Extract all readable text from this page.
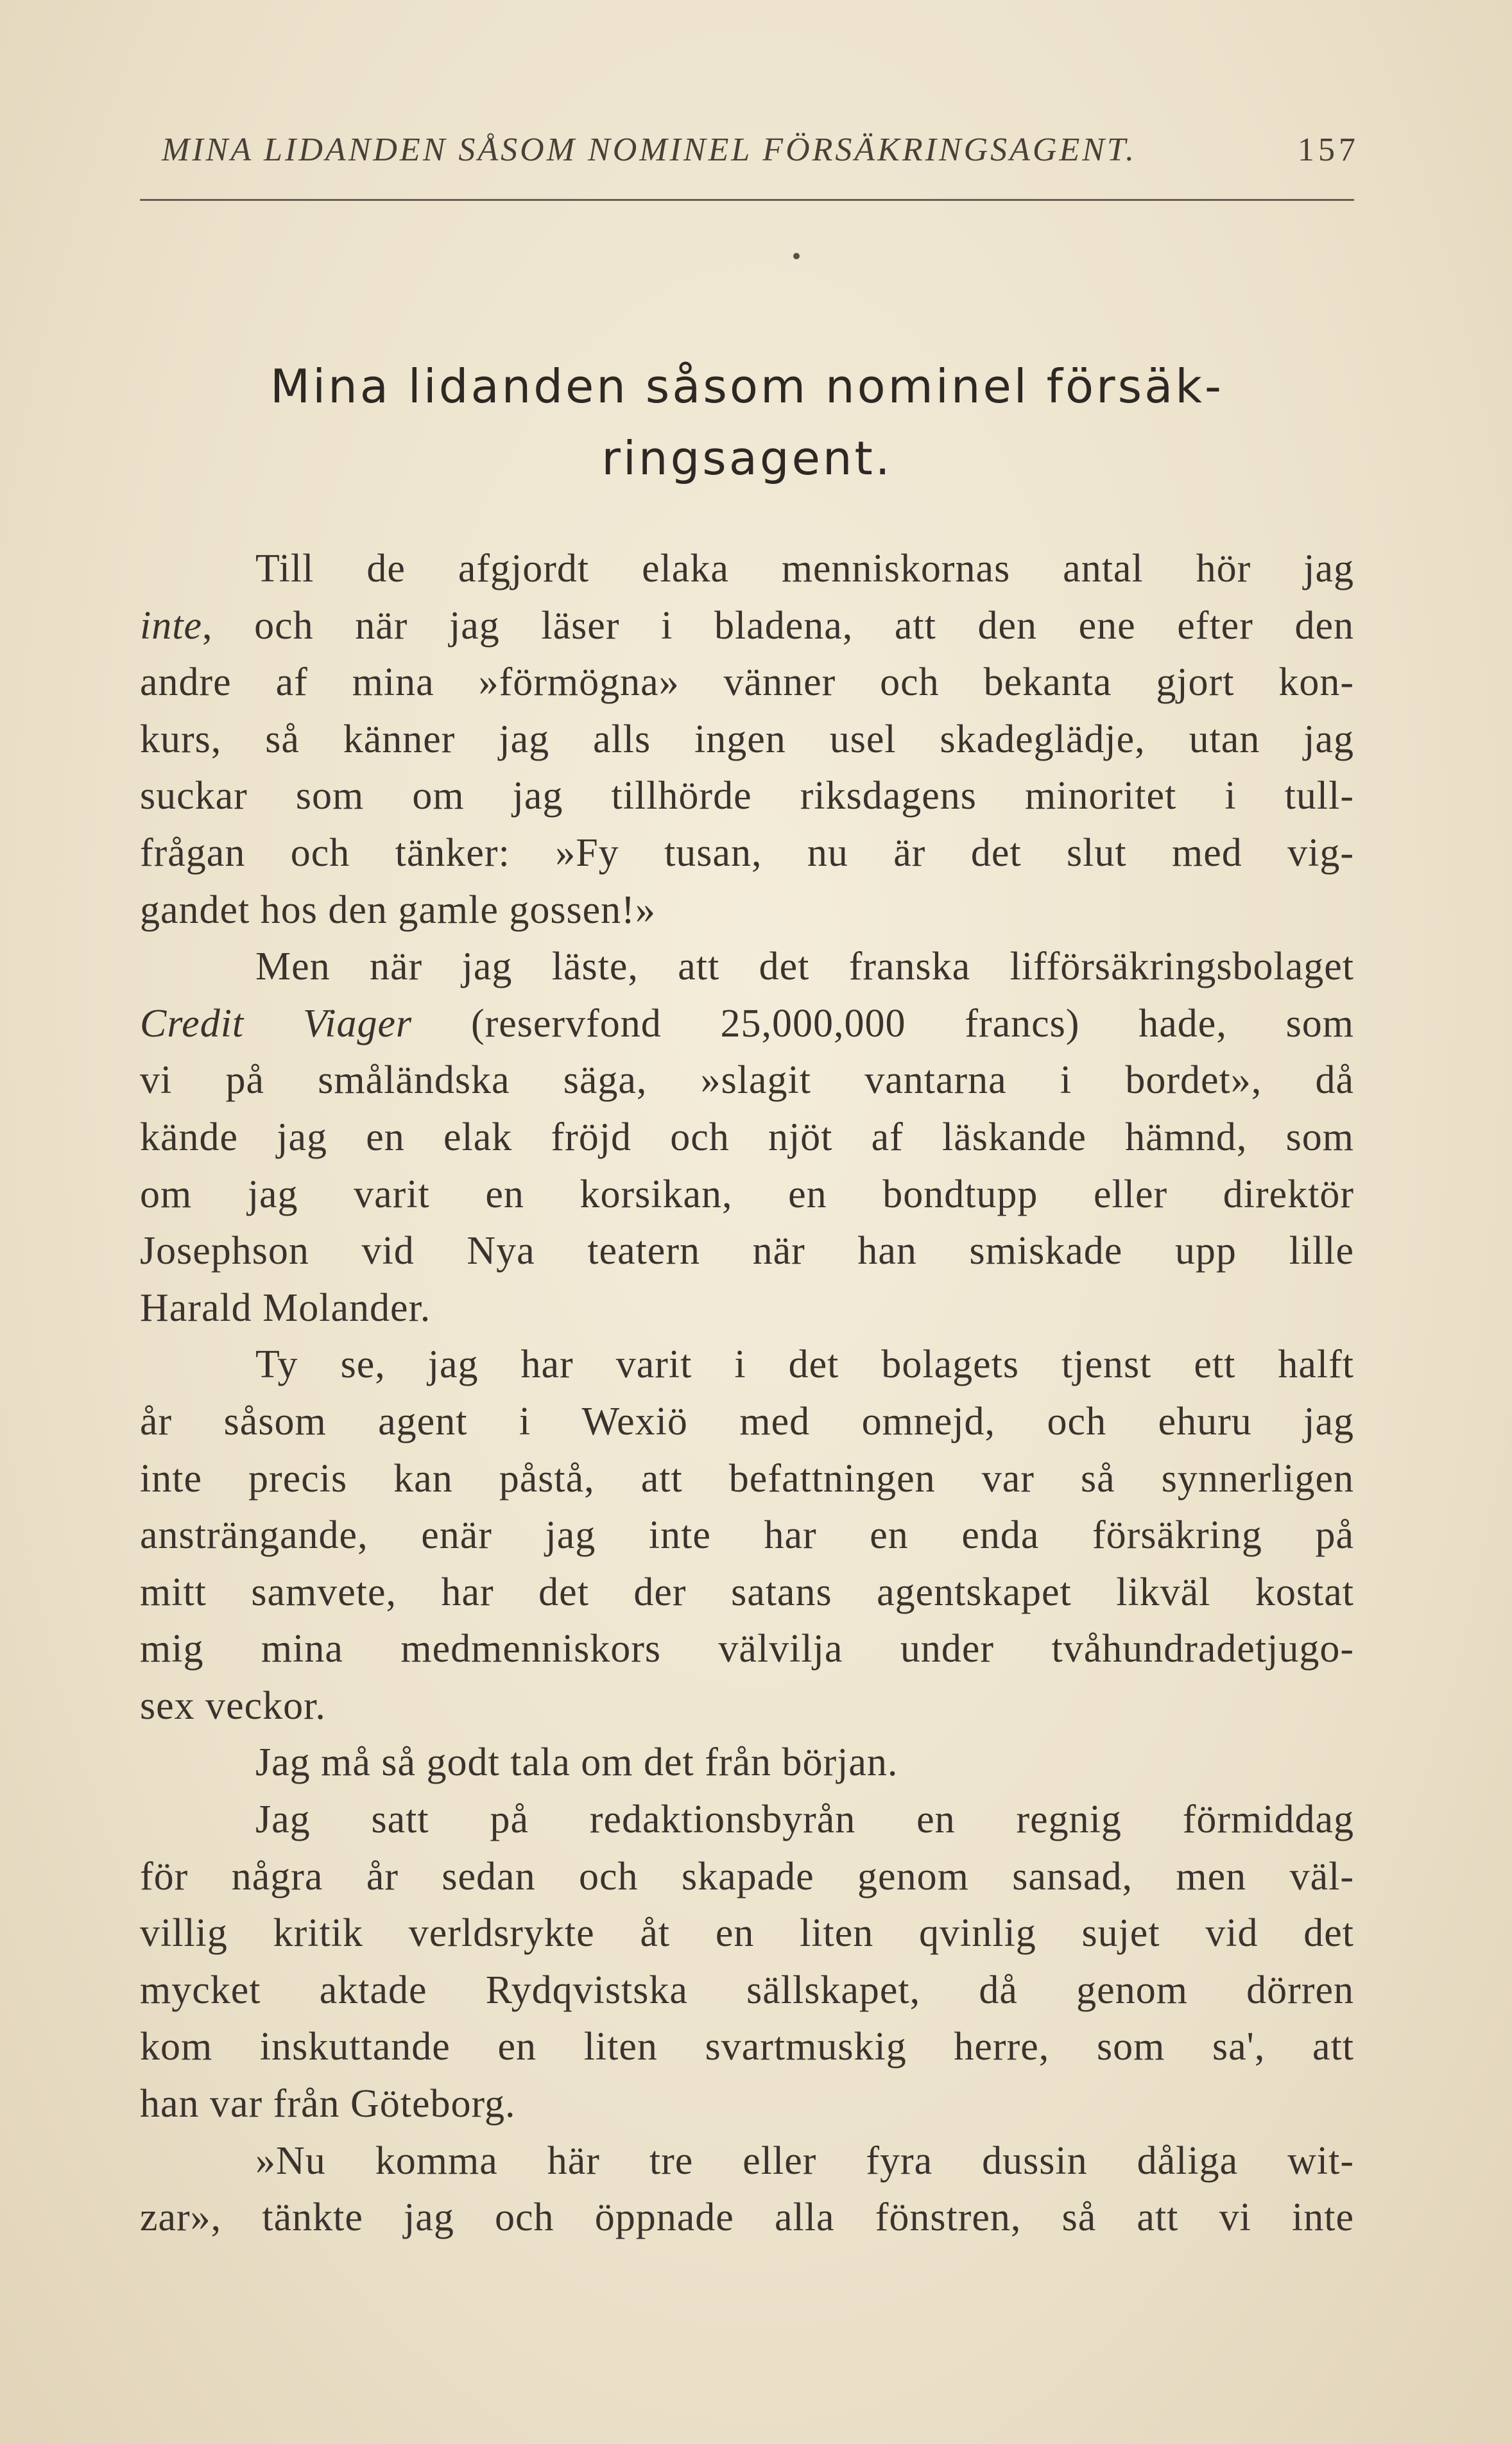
MINA LIDANDEN SÅSOM NOMINEL FÖRSÄKRINGSAGENT.	157
Mina lidanden såsom nominel försäk-
ringsagent.
Till de afgjordt elaka menniskornas antal hör jag
inte, och när jag läser i bladena, att den ene efter den
andre af mina »förmögna» vänner och bekanta gjort kon-
kurs, så känner jag alls ingen usel skadeglädje, utan jag
suckar som om jag tillhörde riksdagens minoritet i tull-
frågan och tänker: »Fy tusan, nu är det slut med vig-
gandet hos den gamle gossen!»
Men när jag läste, att det franska lifförsäkringsbolaget
Credit Viager (reservfond 25,000,000 francs) hade, som
vi på småländska säga, »slagit vantarna i bordet», då
kände jag en elak fröjd och njöt af läskande hämnd, som
om jag varit en korsikan, en bondtupp eller direktör
Josephson vid Nya teatern när han smiskade upp lille
Harald Molander.
Ty se, jag har varit i det bolagets tjenst ett halft
år såsom agent i Wexiö med omnejd, och ehuru jag
inte precis kan påstå, att befattningen var så synnerligen
ansträngande, enär jag inte har en enda försäkring på
mitt samvete, har det der satans agentskapet likväl kostat
mig mina medmenniskors välvilja under tvåhundradetjugo-
sex veckor.
Jag må så godt tala om det från början.
Jag satt på redaktionsbyrån en regnig förmiddag
för några år sedan och skapade genom sansad, men väl-
villig kritik verldsrykte åt en liten qvinlig sujet vid det
mycket aktade Rydqvistska sällskapet, då genom dörren
kom inskuttande en liten svartmuskig herre, som sa', att
han var från Göteborg.
»Nu komma här tre eller fyra dussin dåliga wit-
zar», tänkte jag och öppnade alla fönstren, så att vi inte
